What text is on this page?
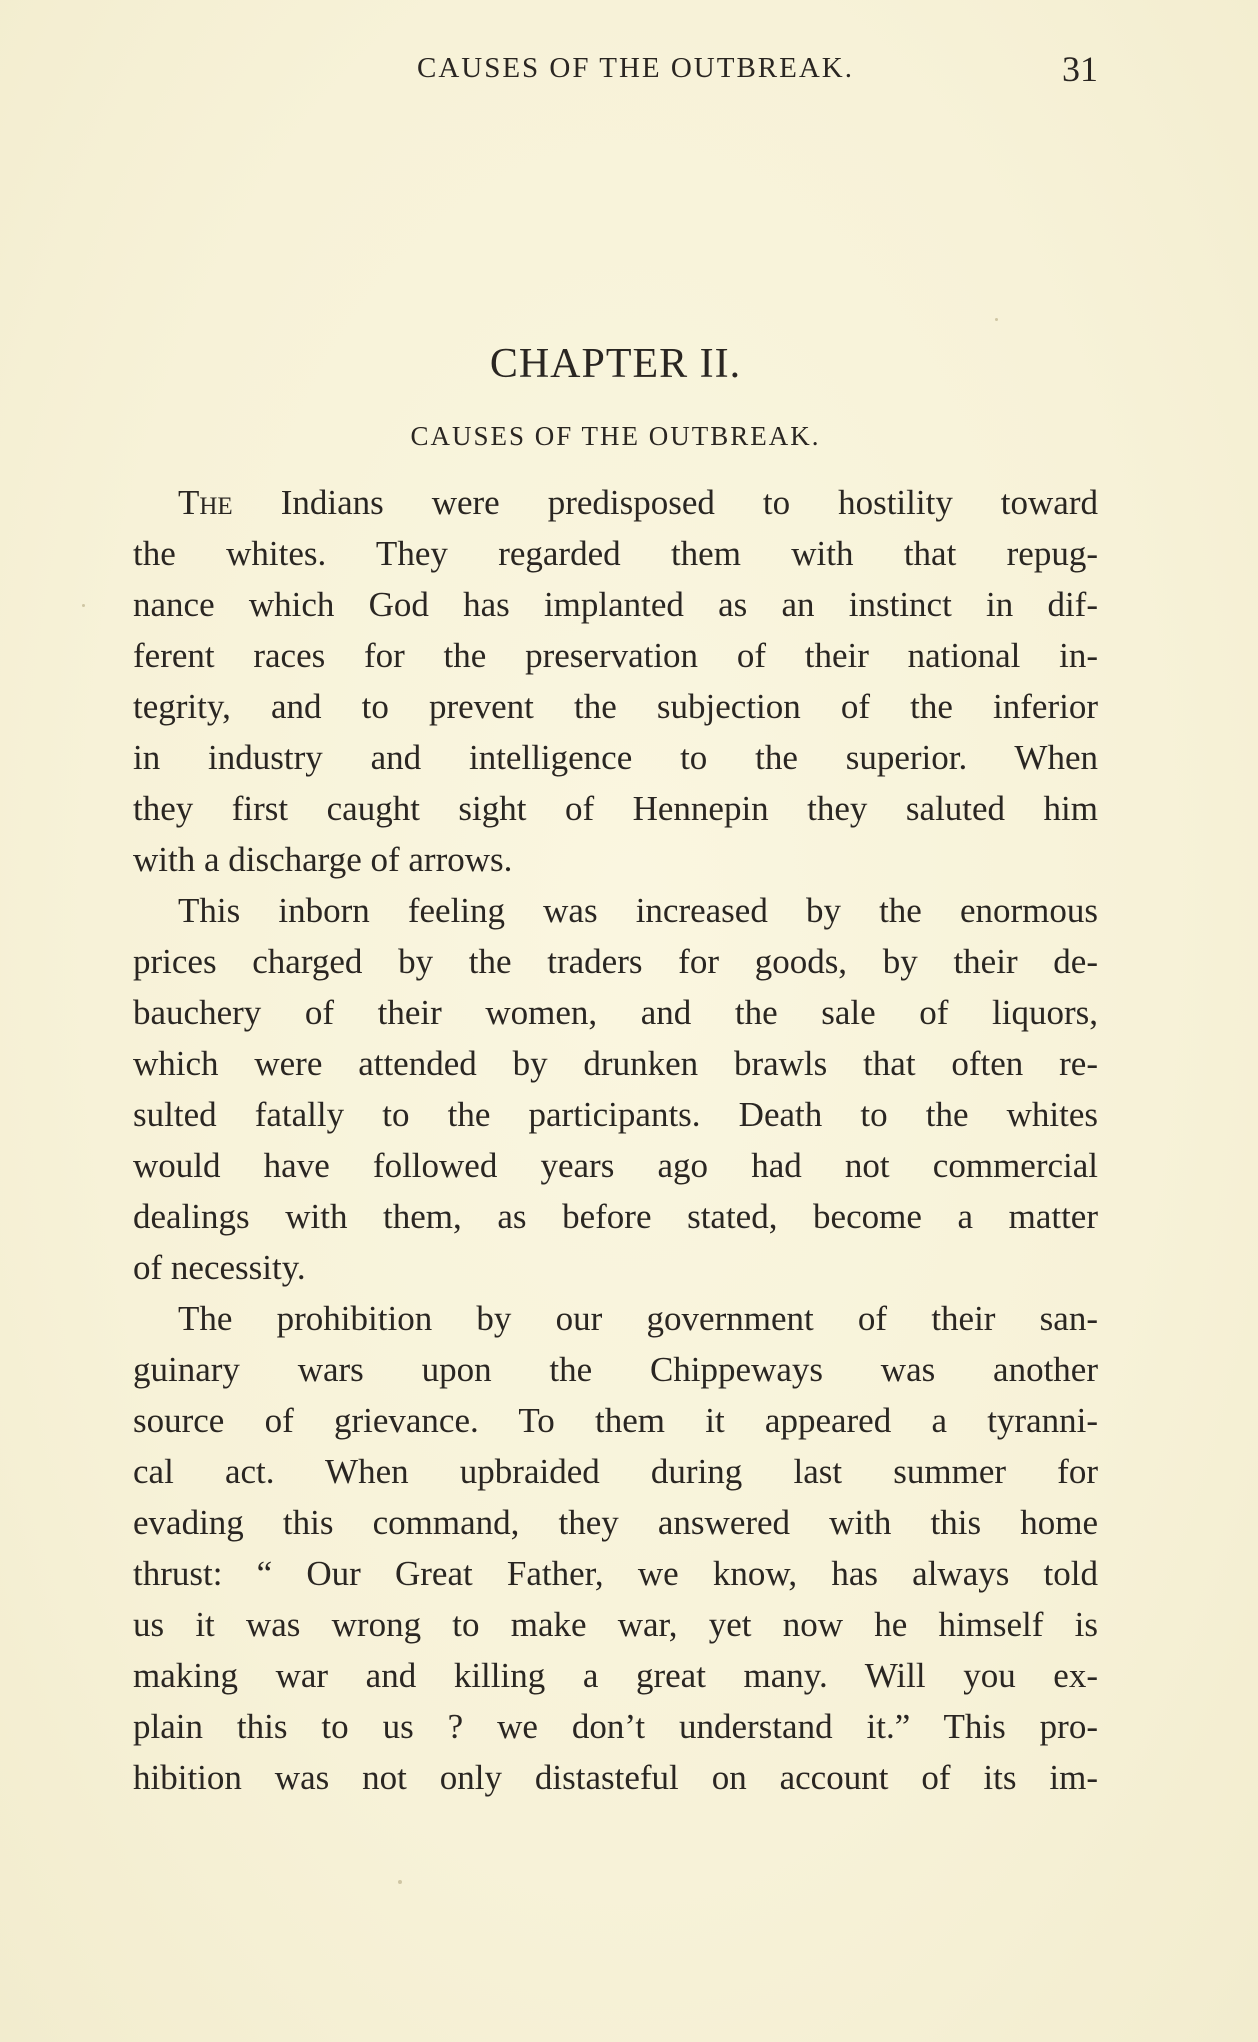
CAUSES OF THE OUTBREAK.	31
CHAPTER II.
CAUSES OF THE OUTBREAK.
The Indians were predisposed to hostility toward
the whites. They regarded them with that repug-
nance which God has implanted as an instinct in dif-
ferent races for the preservation of their national in-
tegrity, and to prevent the subjection of the inferior
in industry and intelligence to the superior. When
they first caught sight of Hennepin they saluted him
with a discharge of arrows.
This inborn feeling was increased by the enormous
prices charged by the traders for goods, by their de-
bauchery of their women, and the sale of liquors,
which were attended by drunken brawls that often re-
sulted fatally to the participants. Death to the whites
would have followed years ago had not commercial
dealings with them, as before stated, become a matter
of necessity.
The prohibition by our government of their san-
guinary wars upon the Chippeways was another
source of grievance. To them it appeared a tyranni-
cal act. When upbraided during last summer for
evading this command, they answered with this home
thrust: “ Our Great Father, we know, has always told
us it was wrong to make war, yet now he himself is
making war and killing a great many. Will you ex-
plain this to us ? we don’t understand it.” This pro-
hibition was not only distasteful on account of its im-
